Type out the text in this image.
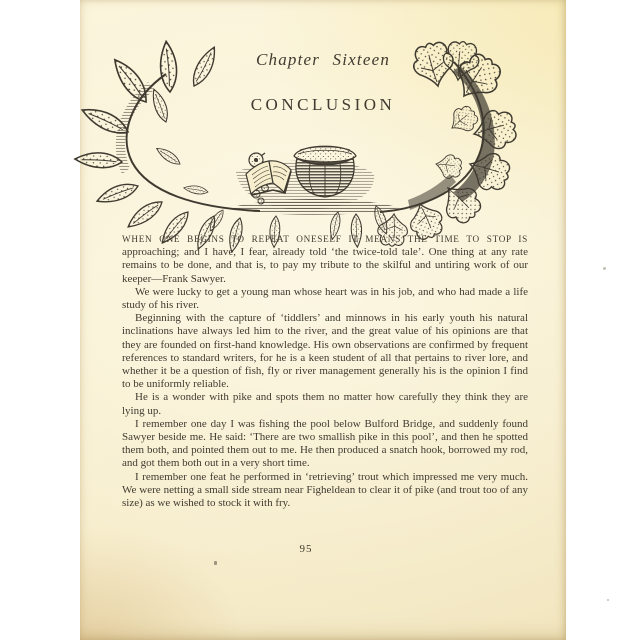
Chapter Sixteen
CONCLUSION

WHEN ONE BEGINS TO REPEAT ONESELF IT MEANS THE TIME TO STOP IS
approaching; and I have, I fear, already told ‘the twice-told tale’. One thing at any rate remains to be done, and that is, to pay my tribute to the skilful and untiring work of our keeper—Frank Sawyer.

We were lucky to get a young man whose heart was in his job, and who had made a life study of his river.

Beginning with the capture of ‘tiddlers’ and minnows in his early youth his natural inclinations have always led him to the river, and the great value of his opinions are that they are founded on first-hand knowledge. His own observations are confirmed by frequent references to standard writers, for he is a keen student of all that pertains to river lore, and whether it be a question of fish, fly or river management generally his is the opinion I find to be uniformly reliable.

He is a wonder with pike and spots them no matter how carefully they think they are lying up.

I remember one day I was fishing the pool below Bulford Bridge, and suddenly found Sawyer beside me. He said: ‘There are two smallish pike in this pool’, and then he spotted them both, and pointed them out to me. He then produced a snatch hook, borrowed my rod, and got them both out in a very short time.

I remember one feat he performed in ‘retrieving’ trout which impressed me very much. We were netting a small side stream near Figheldean to clear it of pike (and trout too of any size) as we wished to stock it with fry.

95
